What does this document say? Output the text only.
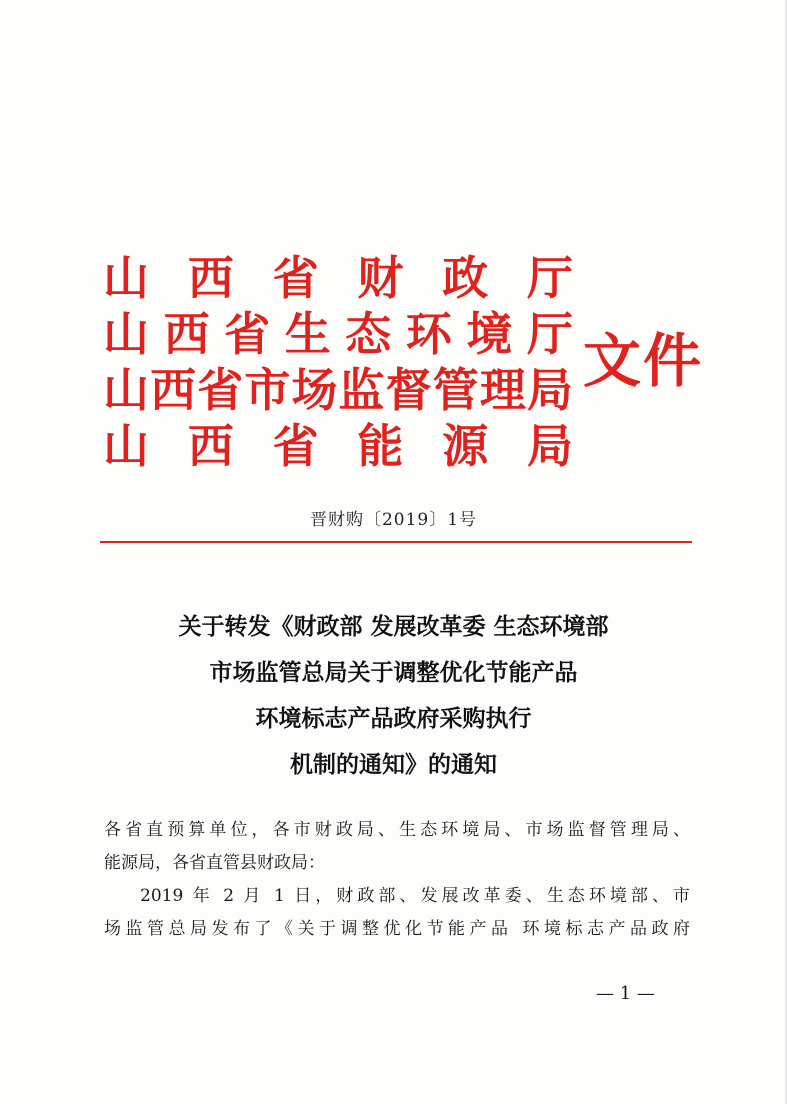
山 西 省 财 政 厅
山 西 省 生 态 环 境 厅
山 西 省 市 场 监 督 管 理 局
山 西 省 能 源 局
文件
晋财购〔2019〕1号
关于转发《财政部 发展改革委 生态环境部
市场监管总局关于调整优化节能产品
环境标志产品政府采购执行
机制的通知》的通知

各省直预算单位，各市财政局、生态环境局、市场监督管理局、

能源局，各省直管县财政局：

2019 年 2 月 1 日，财政部、发展改革委、生态环境部、市

场监管总局发布了《关于调整优化节能产品 环境标志产品政府

— 1 —
